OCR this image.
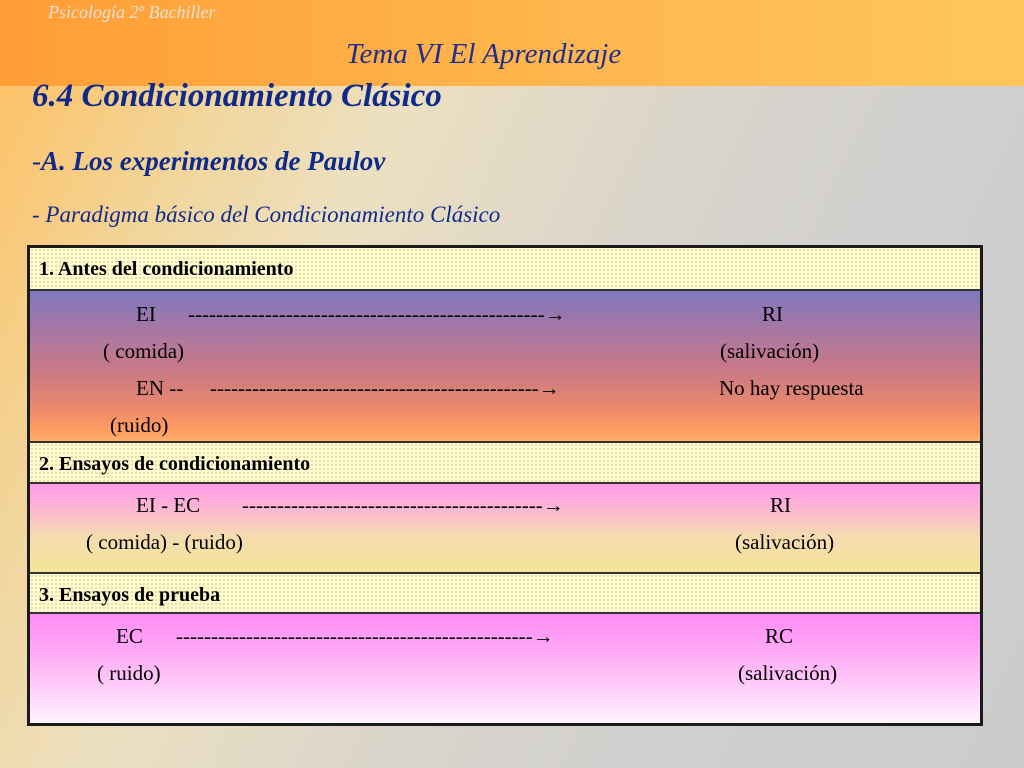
Psicología 2º Bachiller
Tema VI El Aprendizaje
6.4 Condicionamiento Clásico
-A. Los experimentos de Paulov
- Paradigma básico del Condicionamiento Clásico
1. Antes del condicionamiento
EI ---------------------------------------------------→	RI
( comida)	(salivación)
EN -- -----------------------------------------------→	No hay respuesta
(ruido)
2. Ensayos de condicionamiento
EI - EC -------------------------------------------→	RI
( comida) - (ruido)	(salivación)
3. Ensayos de prueba
EC ---------------------------------------------------→	RC
( ruido)	(salivación)
